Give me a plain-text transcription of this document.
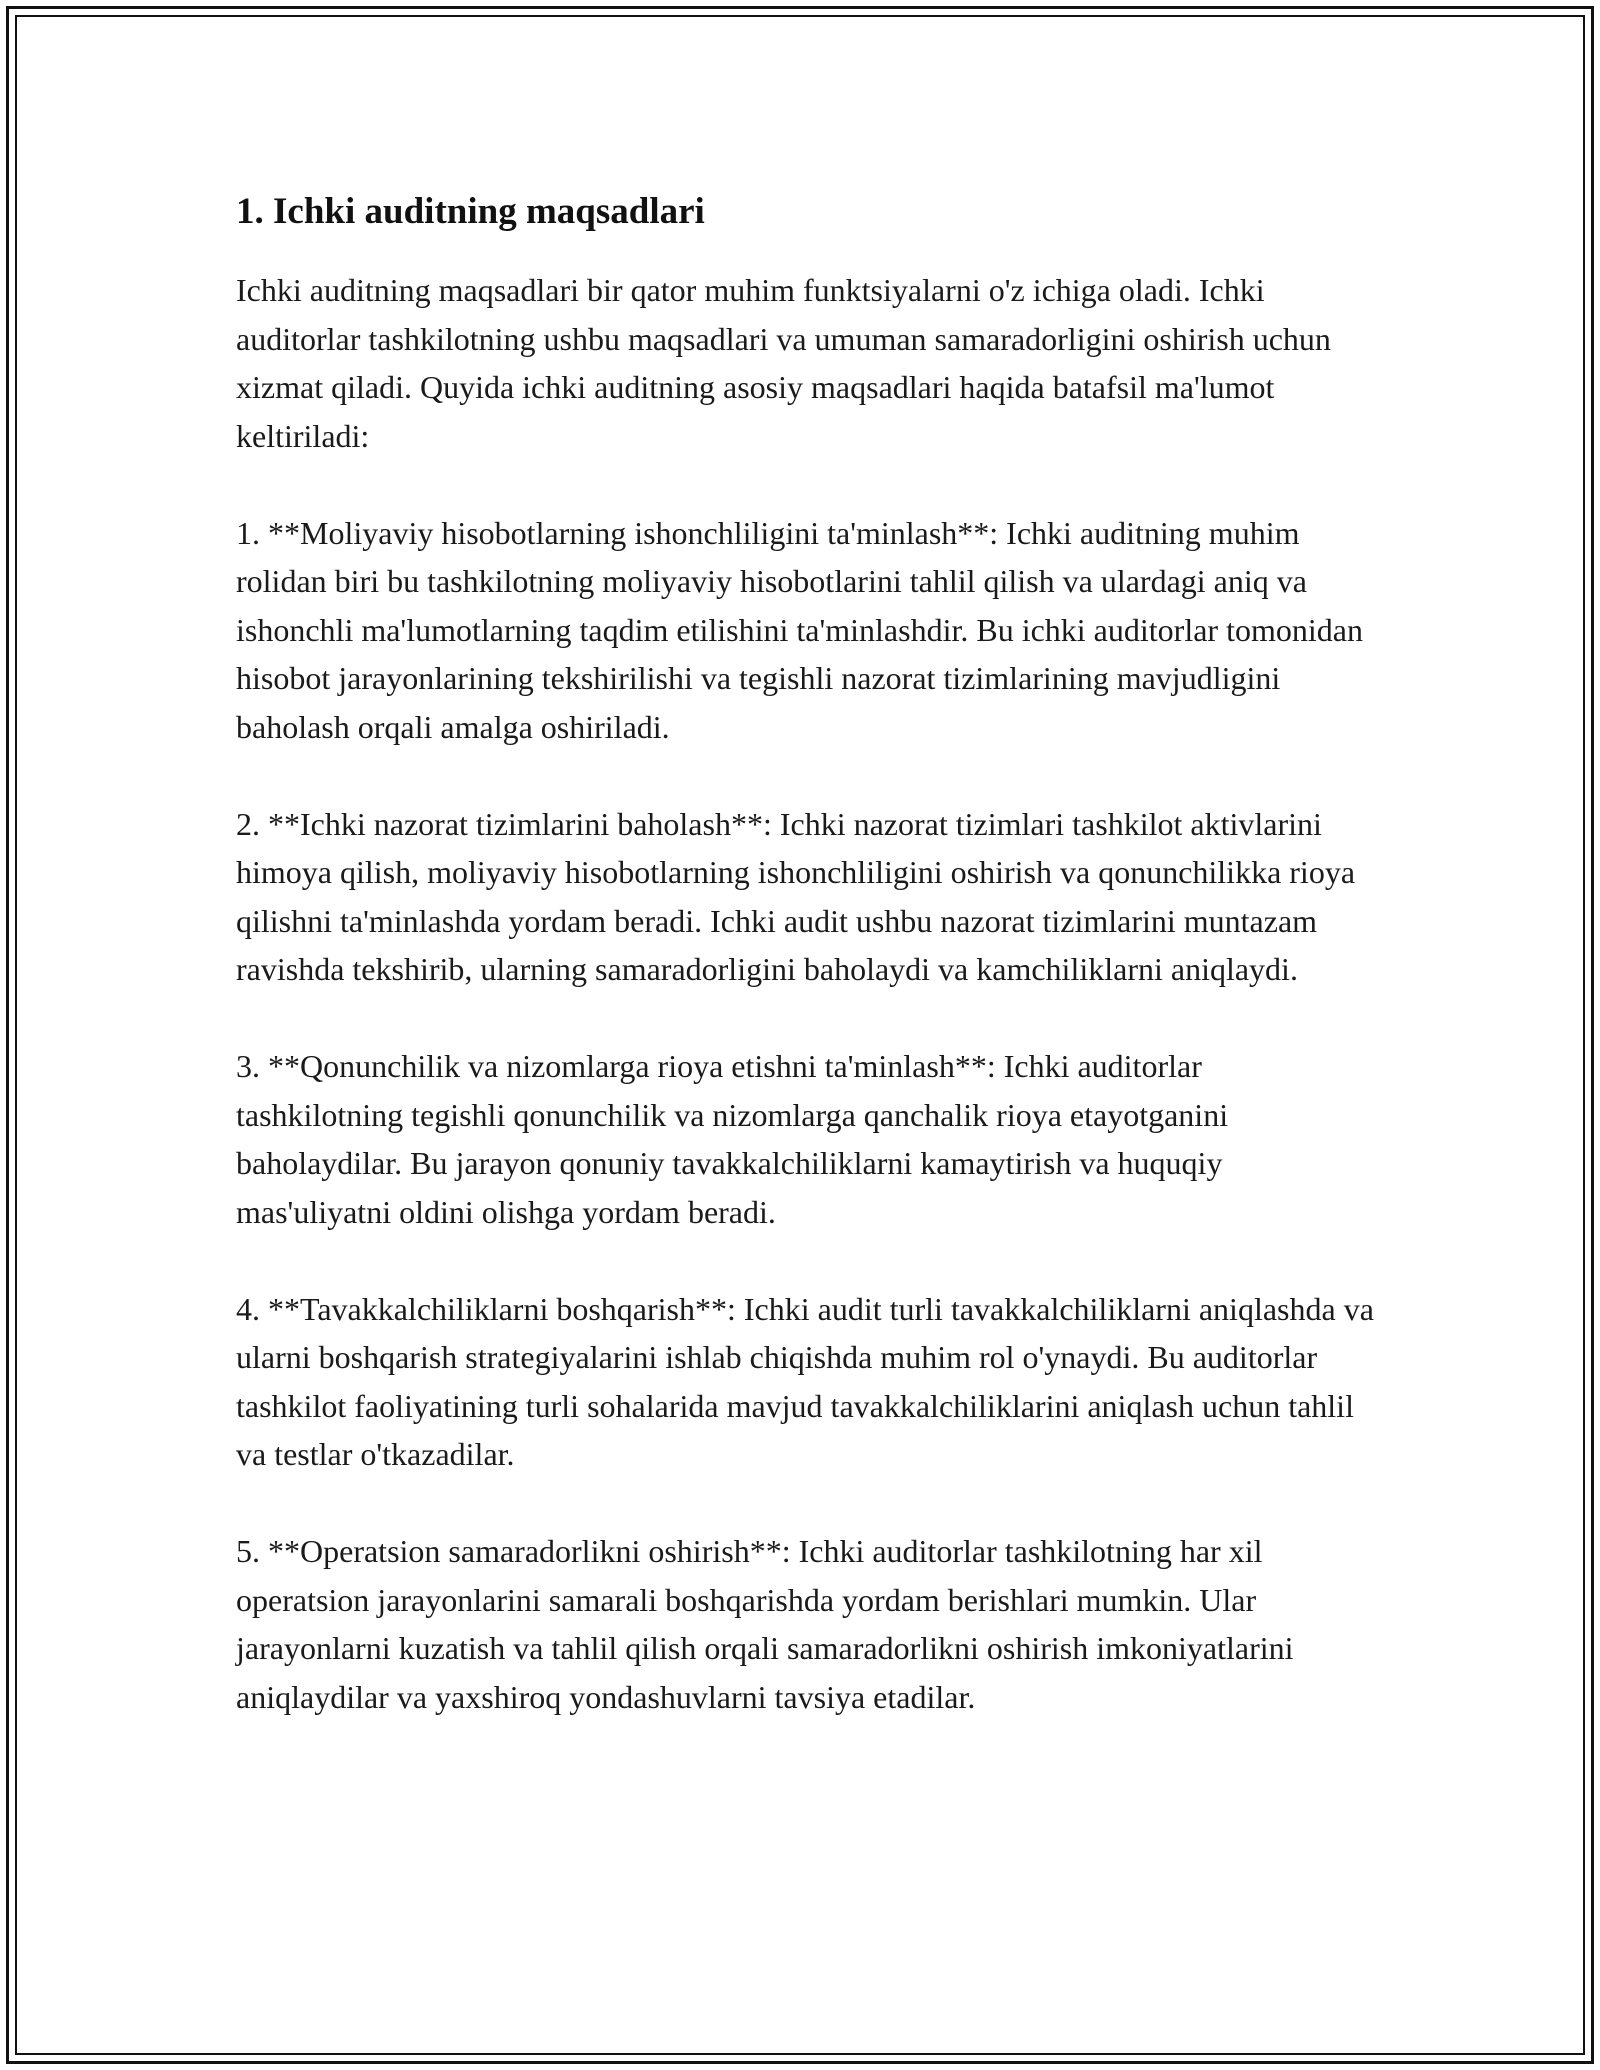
1. Ichki auditning maqsadlari

Ichki auditning maqsadlari bir qator muhim funktsiyalarni o'z ichiga oladi. Ichki auditorlar tashkilotning ushbu maqsadlari va umuman samaradorligini oshirish uchun xizmat qiladi. Quyida ichki auditning asosiy maqsadlari haqida batafsil ma'lumot keltiriladi:

1. **Moliyaviy hisobotlarning ishonchliligini ta'minlash**: Ichki auditning muhim rolidan biri bu tashkilotning moliyaviy hisobotlarini tahlil qilish va ulardagi aniq va ishonchli ma'lumotlarning taqdim etilishini ta'minlashdir. Bu ichki auditorlar tomonidan hisobot jarayonlarining tekshirilishi va tegishli nazorat tizimlarining mavjudligini baholash orqali amalga oshiriladi.

2. **Ichki nazorat tizimlarini baholash**: Ichki nazorat tizimlari tashkilot aktivlarini himoya qilish, moliyaviy hisobotlarning ishonchliligini oshirish va qonunchilikka rioya qilishni ta'minlashda yordam beradi. Ichki audit ushbu nazorat tizimlarini muntazam ravishda tekshirib, ularning samaradorligini baholaydi va kamchiliklarni aniqlaydi.

3. **Qonunchilik va nizomlarga rioya etishni ta'minlash**: Ichki auditorlar tashkilotning tegishli qonunchilik va nizomlarga qanchalik rioya etayotganini baholaydilar. Bu jarayon qonuniy tavakkalchiliklarni kamaytirish va huquqiy mas'uliyatni oldini olishga yordam beradi.

4. **Tavakkalchiliklarni boshqarish**: Ichki audit turli tavakkalchiliklarni aniqlashda va ularni boshqarish strategiyalarini ishlab chiqishda muhim rol o'ynaydi. Bu auditorlar tashkilot faoliyatining turli sohalarida mavjud tavakkalchiliklarini aniqlash uchun tahlil va testlar o'tkazadilar.

5. **Operatsion samaradorlikni oshirish**: Ichki auditorlar tashkilotning har xil operatsion jarayonlarini samarali boshqarishda yordam berishlari mumkin. Ular jarayonlarni kuzatish va tahlil qilish orqali samaradorlikni oshirish imkoniyatlarini aniqlaydilar va yaxshiroq yondashuvlarni tavsiya etadilar.
